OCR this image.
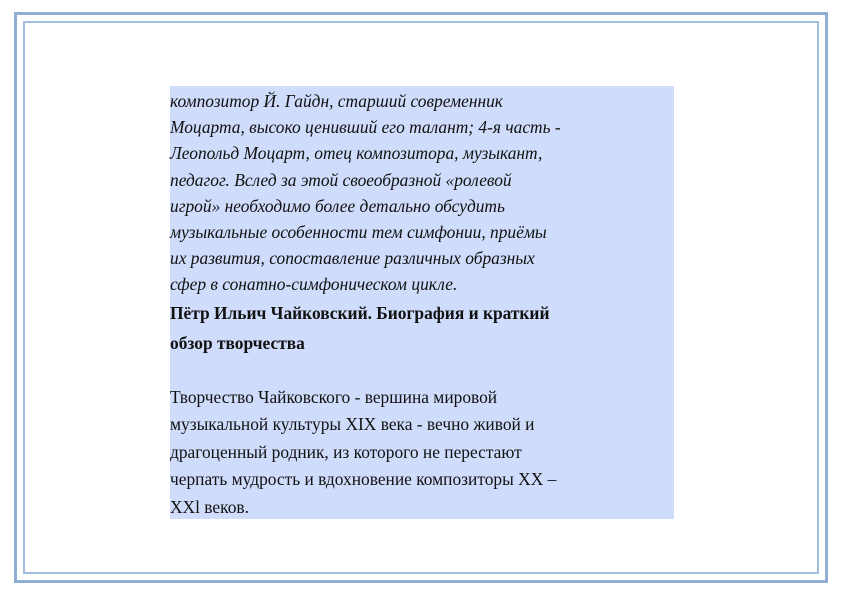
композитор Й. Гайдн, старший современник
Моцарта, высоко ценивший его талант; 4-я часть -
Леопольд Моцарт, отец композитора, музыкант,
педагог. Вслед за этой своеобразной «ролевой
игрой» необходимо более детально обсудить
музыкальные особенности тем симфонии, приёмы
их развития, сопоставление различных образных
сфер в сонатно-симфоническом цикле.

Пётр Ильич Чайковский. Биография и краткий
обзор творчества

Творчество Чайковского - вершина мировой
музыкальной культуры XIX века - вечно живой и
драгоценный родник, из которого не перестают
черпать мудрость и вдохновение композиторы XX –
XXl веков.
